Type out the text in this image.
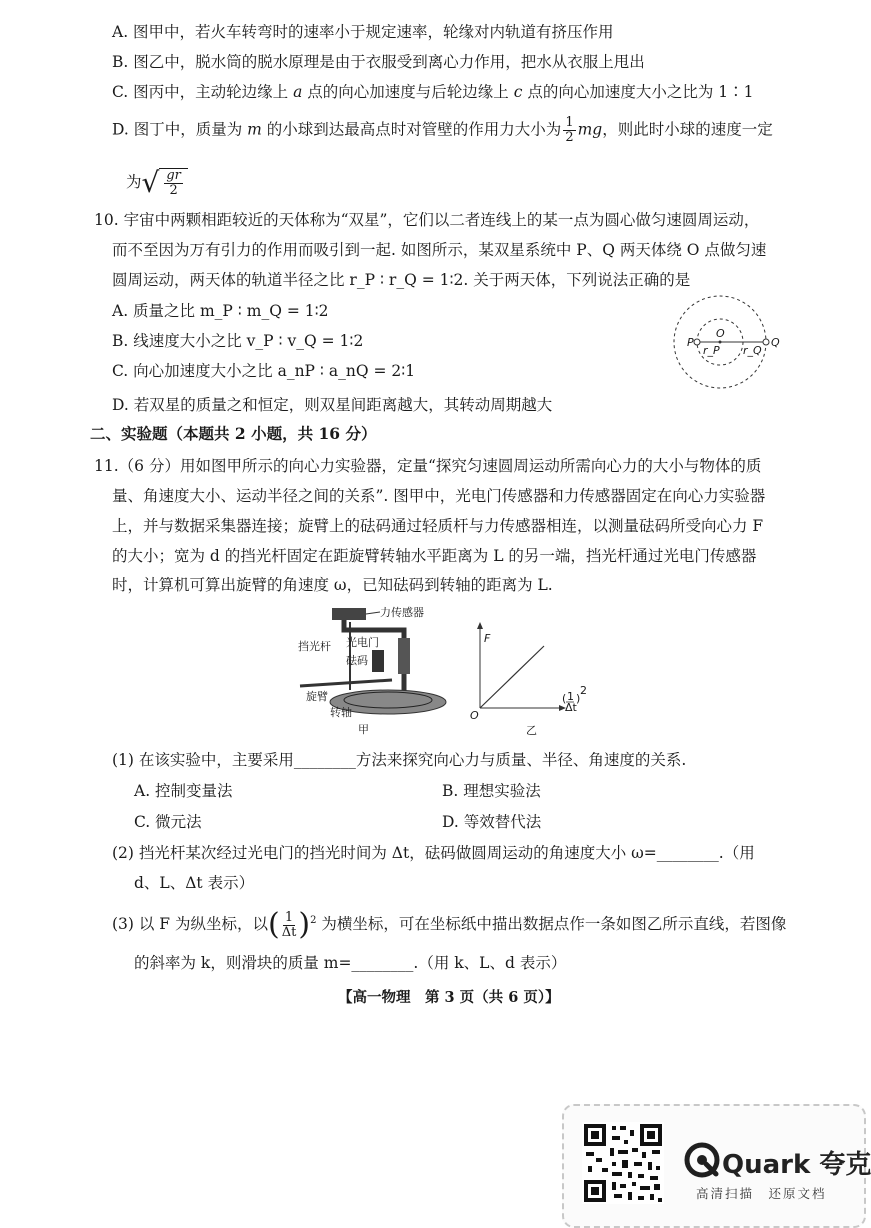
A. 图甲中，若火车转弯时的速率小于规定速率，轮缘对内轨道有挤压作用
B. 图乙中，脱水筒的脱水原理是由于衣服受到离心力作用，把水从衣服上甩出
C. 图丙中，主动轮边缘上 a 点的向心加速度与后轮边缘上 c 点的向心加速度大小之比为 1∶1
D. 图丁中，质量为 m 的小球到达最高点时对管壁的作用力大小为 $\frac{1}{2}$ mg，则此时小球的速度一定
为 √ $\frac{gr}{2}$
10. 宇宙中两颗相距较近的天体称为“双星”，它们以二者连线上的某一点为圆心做匀速圆周运动，
而不至因为万有引力的作用而吸引到一起. 如图所示，某双星系统中 P、Q 两天体绕 O 点做匀速
圆周运动，两天体的轨道半径之比 r_P ∶ r_Q = 1∶2. 关于两天体，下列说法正确的是
A. 质量之比 m_P ∶ m_Q = 1∶2
B. 线速度大小之比 v_P ∶ v_Q = 1∶2
C. 向心加速度大小之比 a_nP ∶ a_nQ = 2∶1
D. 若双星的质量之和恒定，则双星间距离越大，其转动周期越大
P	Q
O
r_P r_Q
二、实验题（本题共 2 小题，共 16 分）
11.（6 分）用如图甲所示的向心力实验器，定量“探究匀速圆周运动所需向心力的大小与物体的质
量、角速度大小、运动半径之间的关系”. 图甲中，光电门传感器和力传感器固定在向心力实验器
上，并与数据采集器连接；旋臂上的砝码通过轻质杆与力传感器相连，以测量砝码所受向心力 F
的大小；宽为 d 的挡光杆固定在距旋臂转轴水平距离为 L 的另一端，挡光杆通过光电门传感器
时，计算机可算出旋臂的角速度 ω，已知砝码到转轴的距离为 L.
力传感器
挡光杆 光电门
砝码
旋臂
转轴
甲
F
O
( 1
Δt
)
2
乙
(1) 在该实验中，主要采用________方法来探究向心力与质量、半径、角速度的关系.
A. 控制变量法	B. 理想实验法
C. 微元法	D. 等效替代法
(2) 挡光杆某次经过光电门的挡光时间为 Δt，砝码做圆周运动的角速度大小 ω=________.（用
d、L、Δt 表示）
(3) 以 F 为纵坐标，以( $\frac{1}{\Delta t} )^2$ 为横坐标，可在坐标纸中描出数据点作一条如图乙所示直线，若图像
的斜率为 k，则滑块的质量 m=________.（用 k、L、d 表示）
【高一物理　第 3 页（共 6 页）】
Quark 夸克
高清扫描　还原文档
